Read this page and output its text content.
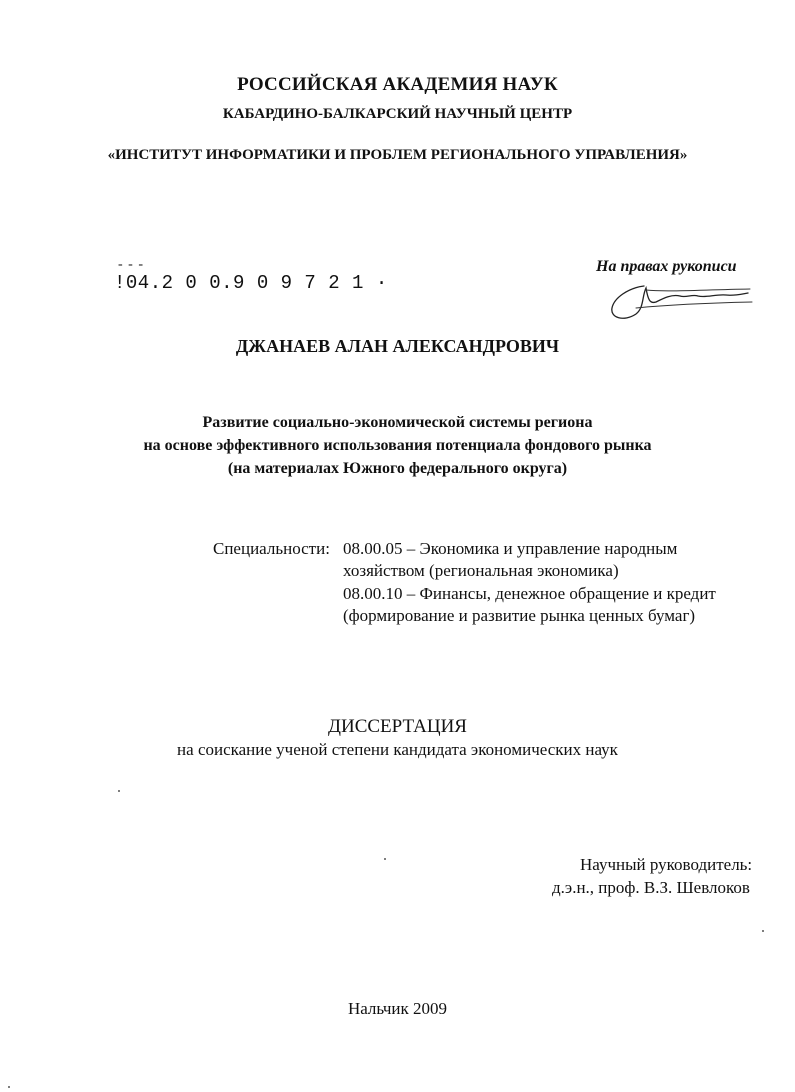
РОССИЙСКАЯ АКАДЕМИЯ НАУК
КАБАРДИНО-БАЛКАРСКИЙ НАУЧНЫЙ ЦЕНТР
«ИНСТИТУТ ИНФОРМАТИКИ И ПРОБЛЕМ РЕГИОНАЛЬНОГО УПРАВЛЕНИЯ»
- - -
!04.2 0 0.9 0 9 7 2 1 ·
На правах рукописи
ДЖАНАЕВ АЛАН АЛЕКСАНДРОВИЧ
Развитие социально-экономической системы региона
на основе эффективного использования потенциала фондового рынка
(на материалах Южного федерального округа)
Специальности: 08.00.05 – Экономика и управление народным
хозяйством (региональная экономика)
08.00.10 – Финансы, денежное обращение и кредит
(формирование и развитие рынка ценных бумаг)
ДИССЕРТАЦИЯ
на соискание ученой степени кандидата экономических наук
Научный руководитель:
д.э.н., проф. В.З. Шевлоков
Нальчик 2009
